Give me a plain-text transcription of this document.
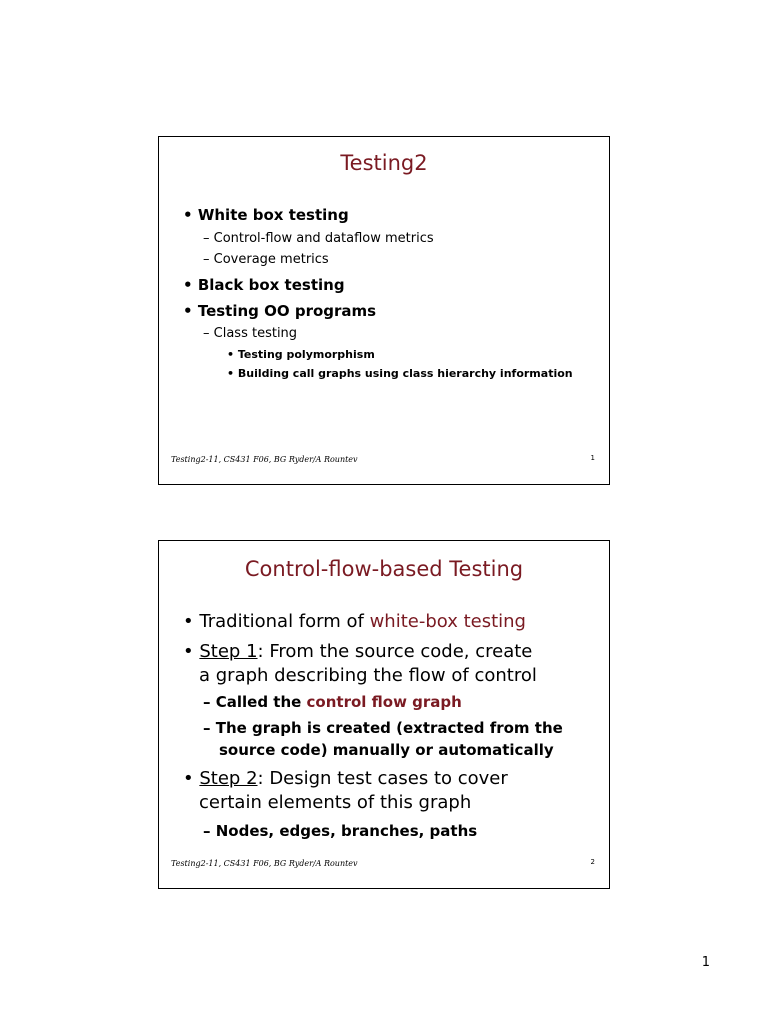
Testing2
• White box testing
– Control-flow and dataflow metrics
– Coverage metrics
• Black box testing
• Testing OO programs
– Class testing
• Testing polymorphism
• Building call graphs using class hierarchy information
Testing2-11, CS431 F06, BG Ryder/A Rountev	1
Control-flow-based Testing
• Traditional form of white-box testing
• Step 1: From the source code, create
a graph describing the flow of control
– Called the control flow graph
– The graph is created (extracted from the
source code) manually or automatically
• Step 2: Design test cases to cover
certain elements of this graph
– Nodes, edges, branches, paths
Testing2-11, CS431 F06, BG Ryder/A Rountev	2
1
